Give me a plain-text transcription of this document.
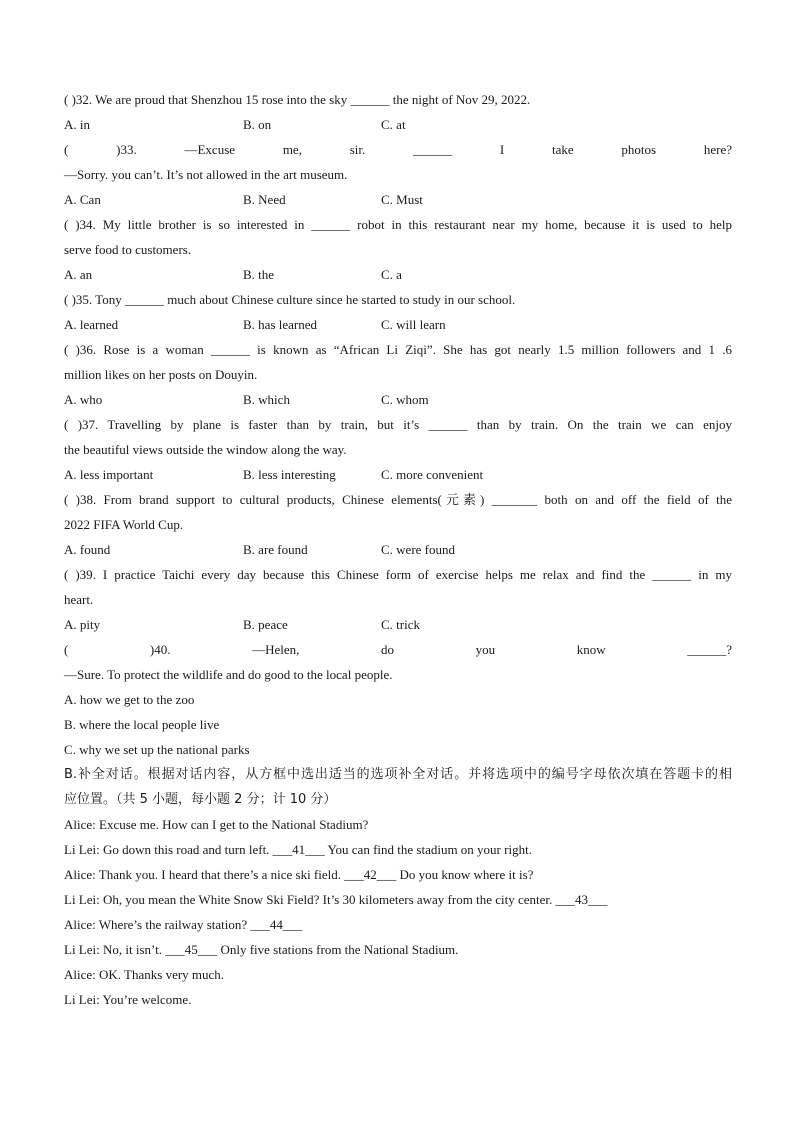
( )32. We are proud that Shenzhou 15 rose into the sky ______ the night of Nov 29, 2022.
A. in	B. on	C. at
( )33. —Excuse me, sir. ______ I take photos here?
—Sorry. you can’t. It’s not allowed in the art museum.
A. Can	B. Need	C. Must
( )34. My little brother is so interested in ______ robot in this restaurant near my home, because it is used to help
serve food to customers.
A. an	B. the	C. a
( )35. Tony ______ much about Chinese culture since he started to study in our school.
A. learned	B. has learned	C. will learn
( )36. Rose is a woman ______ is known as “African Li Ziqi”. She has got nearly 1.5 million followers and 1 .6
million likes on her posts on Douyin.
A. who	B. which	C. whom
( )37. Travelling by plane is faster than by train, but it’s ______ than by train. On the train we can enjoy
the beautiful views outside the window along the way.
A. less important	B. less interesting	C. more convenient
( )38. From brand support to cultural products, Chinese elements(元素) _______ both on and off the field of the
2022 FIFA World Cup.
A. found	B. are found	C. were found
( )39. I practice Taichi every day because this Chinese form of exercise helps me relax and find the ______ in my
heart.
A. pity	B. peace	C. trick
( )40. —Helen, do you know ______?
—Sure. To protect the wildlife and do good to the local people.
A. how we get to the zoo
B. where the local people live
C. why we set up the national parks
B.补全对话。根据对话内容，从方框中选出适当的选项补全对话。并将选项中的编号字母依次填在答题卡的相
应位置。（共 5 小题，每小题 2 分；计 10 分）
Alice: Excuse me. How can I get to the National Stadium?
Li Lei: Go down this road and turn left. ___41___ You can find the stadium on your right.
Alice: Thank you. I heard that there’s a nice ski field. ___42___ Do you know where it is?
Li Lei: Oh, you mean the White Snow Ski Field? It’s 30 kilometers away from the city center. ___43___
Alice: Where’s the railway station? ___44___
Li Lei: No, it isn’t. ___45___ Only five stations from the National Stadium.
Alice: OK. Thanks very much.
Li Lei: You’re welcome.
